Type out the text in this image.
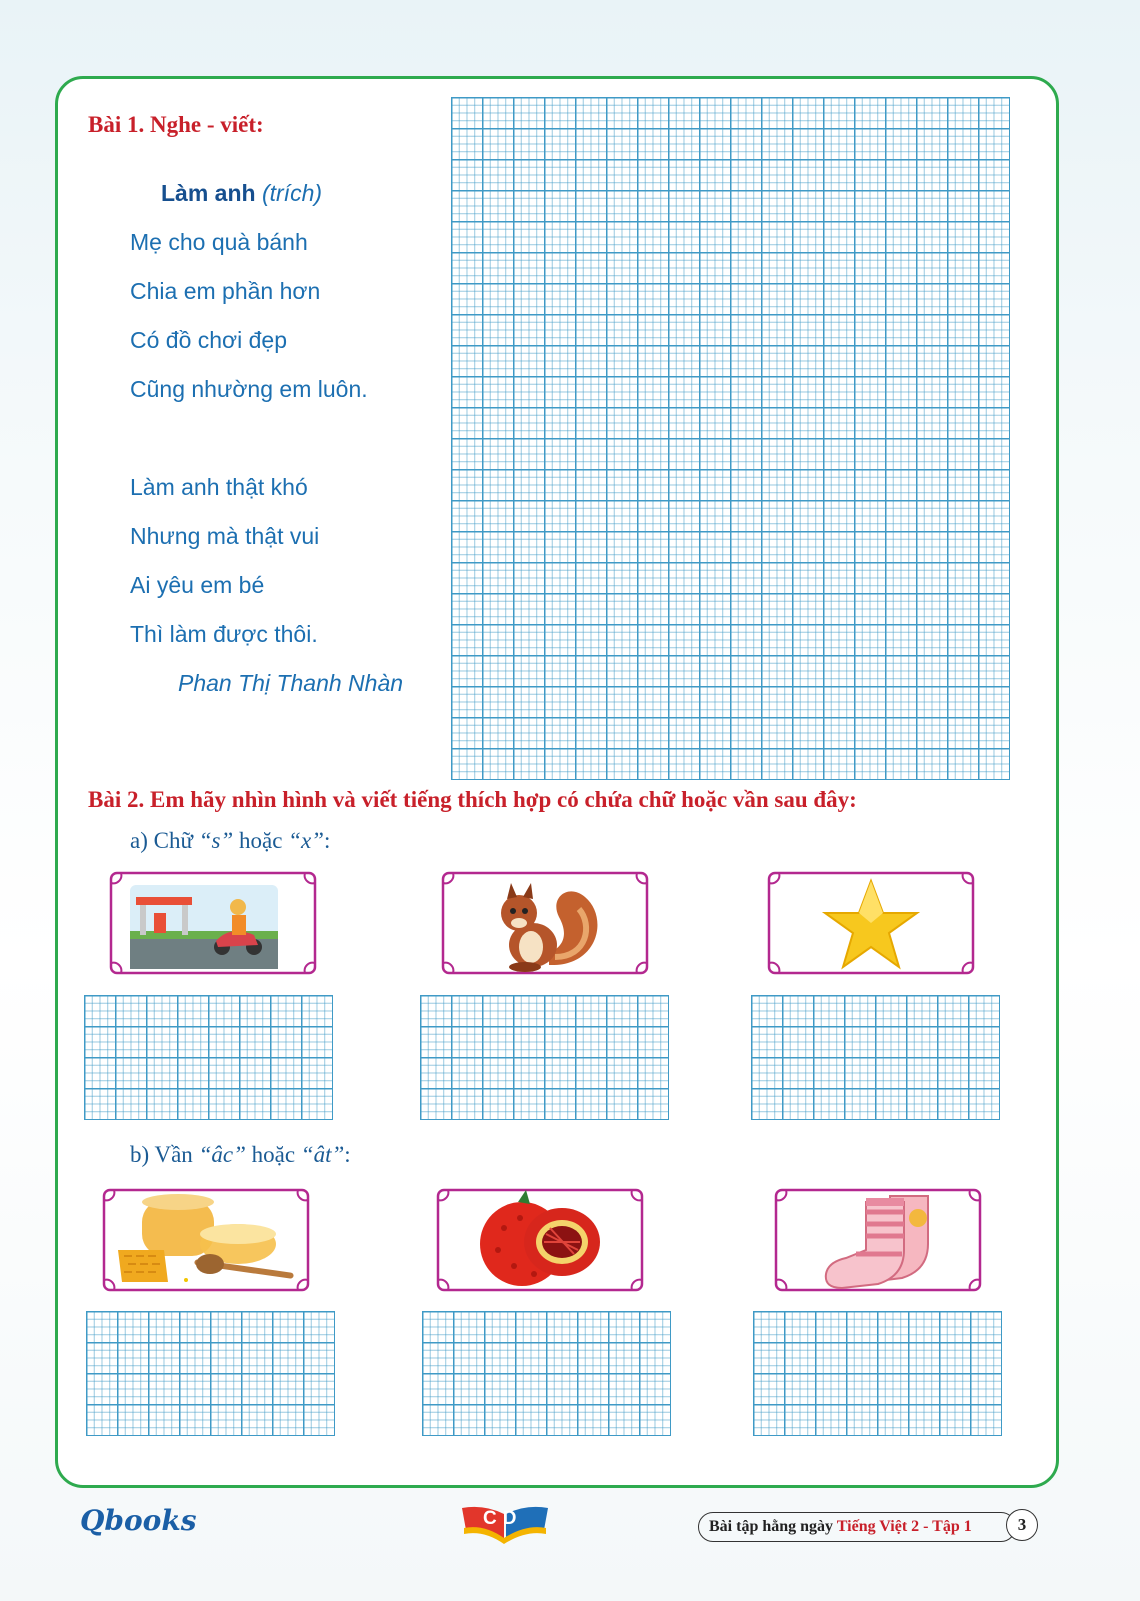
Bài 1. Nghe - viết:
Làm anh (trích)
Mẹ cho quà bánh
Chia em phần hơn
Có đồ chơi đẹp
Cũng nhường em luôn.
Làm anh thật khó
Nhưng mà thật vui
Ai yêu em bé
Thì làm được thôi.
Phan Thị Thanh Nhàn
Bài 2. Em hãy nhìn hình và viết tiếng thích hợp có chứa chữ hoặc vần sau đây:
a) Chữ “s” hoặc “x”:
b) Vần “âc” hoặc “ât”:
Qbooks	CD	Bài tập hằng ngày Tiếng Việt 2 - Tập 1	3
